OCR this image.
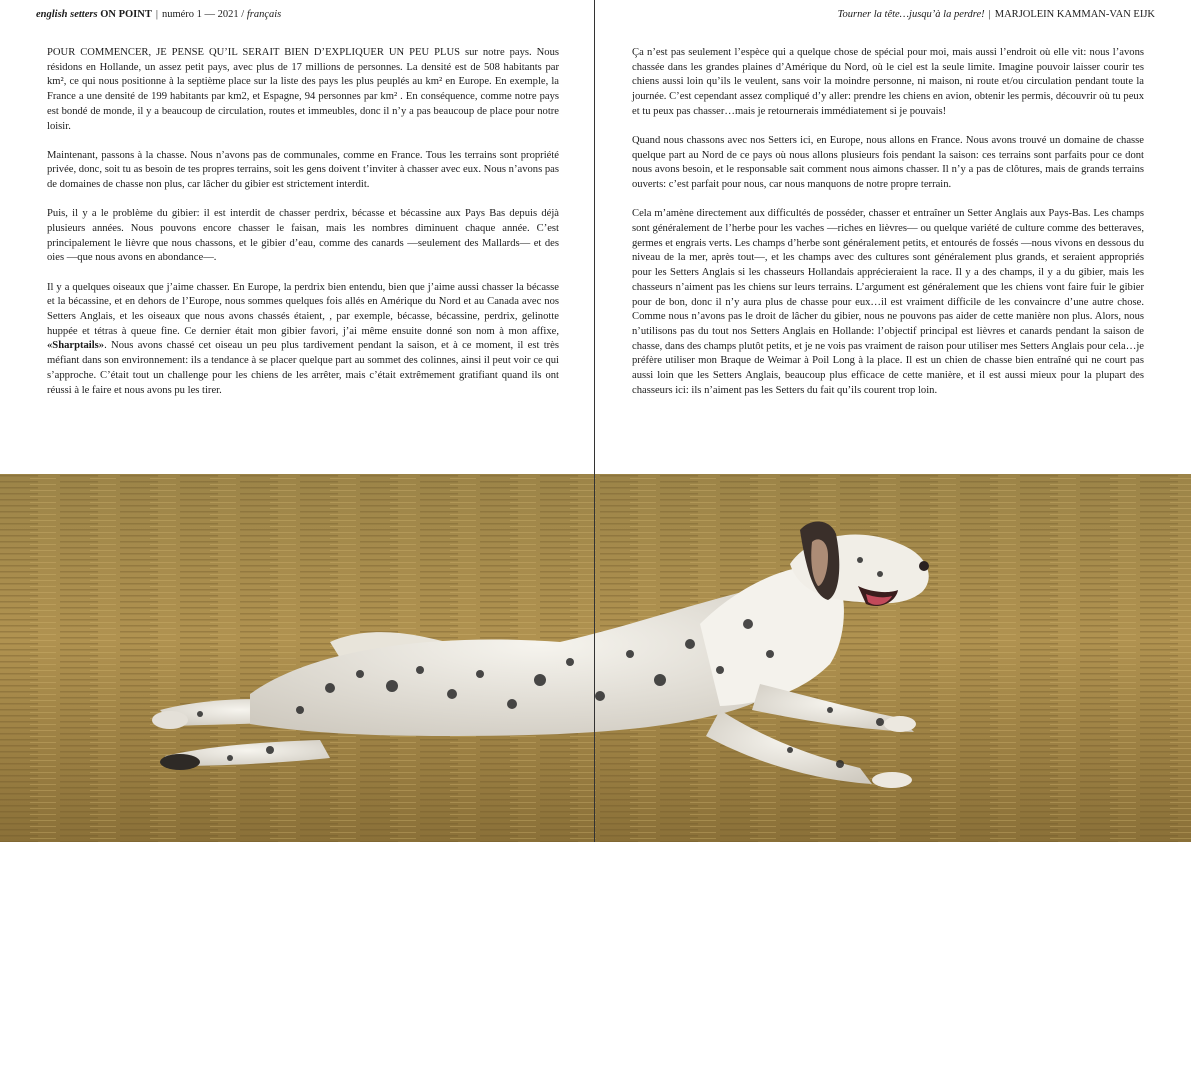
english setters ON POINT | numéro 1 — 2021 / français

POUR COMMENCER, JE PENSE QU’IL SERAIT BIEN D’EXPLIQUER UN PEU PLUS sur notre pays. Nous résidons en Hollande, un assez petit pays, avec plus de 17 millions de personnes. La densité est de 508 habitants par km², ce qui nous positionne à la septième place sur la liste des pays les plus peuplés au km² en Europe. En exemple, la France a une densité de 199 habitants par km2, et Espagne, 94 personnes par km² . En conséquence, comme notre pays est bondé de monde, il y a beaucoup de circulation, routes et immeubles, donc il n’y a pas beaucoup de place pour notre loisir.

Maintenant, passons à la chasse. Nous n’avons pas de communales, comme en France. Tous les terrains sont propriété privée, donc, soit tu as besoin de tes propres terrains, soit les gens doivent t’inviter à chasser avec eux. Nous n’avons pas de domaines de chasse non plus, car lâcher du gibier est strictement interdit.

Puis, il y a le problème du gibier: il est interdit de chasser perdrix, bécasse et bécassine aux Pays Bas depuis déjà plusieurs années. Nous pouvons encore chasser le faisan, mais les nombres diminuent chaque année. C’est principalement le lièvre que nous chassons, et le gibier d’eau, comme des canards —seulement des Mallards— et des oies —que nous avons en abondance—.

Il y a quelques oiseaux que j’aime chasser. En Europe, la perdrix bien entendu, bien que j’aime aussi chasser la bécasse et la bécassine, et en dehors de l’Europe, nous sommes quelques fois allés en Amérique du Nord et au Canada avec nos Setters Anglais, et les oiseaux que nous avons chassés étaient, , par exemple, bécasse, bécassine, perdrix, gelinotte huppée et tétras à queue fine. Ce dernier était mon gibier favori, j’ai même ensuite donné son nom à mon affixe, «Sharptails». Nous avons chassé cet oiseau un peu plus tardivement pendant la saison, et à ce moment, il est très méfiant dans son environnement: ils a tendance à se placer quelque part au sommet des colinnes, ainsi il peut voir ce qui s’approche. C’était tout un challenge pour les chiens de les arrêter, mais c’était extrêmement gratifiant quand ils ont réussi à le faire et nous avons pu les tirer.

Tourner la tête…jusqu’à la perdre! | MARJOLEIN KAMMAN-VAN EIJK

Ça n’est pas seulement l’espèce qui a quelque chose de spécial pour moi, mais aussi l’endroit où elle vit: nous l’avons chassée dans les grandes plaines d’Amérique du Nord, où le ciel est la seule limite. Imagine pouvoir laisser courir tes chiens aussi loin qu’ils le veulent, sans voir la moindre personne, ni maison, ni route et/ou circulation pendant toute la journée. C’est cependant assez compliqué d’y aller: prendre les chiens en avion, obtenir les permis, découvrir où tu peux et tu peux pas chasser…mais je retournerais immédiatement si je pouvais!

Quand nous chassons avec nos Setters ici, en Europe, nous allons en France. Nous avons trouvé un domaine de chasse quelque part au Nord de ce pays où nous allons plusieurs fois pendant la saison: ces terrains sont parfaits pour ce dont nous avons besoin, et le responsable sait comment nous aimons chasser. Il n’y a pas de clôtures, mais de grands terrains ouverts: c’est parfait pour nous, car nous manquons de notre propre terrain.

Cela m’amène directement aux difficultés de posséder, chasser et entraîner un Setter Anglais aux Pays-Bas. Les champs sont généralement de l’herbe pour les vaches —riches en lièvres— ou quelque variété de culture comme des betteraves, germes et engrais verts. Les champs d’herbe sont généralement petits, et entourés de fossés —nous vivons en dessous du niveau de la mer, après tout—, et les champs avec des cultures sont généralement plus grands, et seraient appropriés pour les Setters Anglais si les chasseurs Hollandais apprécieraient la race. Il y a des champs, il y a du gibier, mais les chasseurs n’aiment pas les chiens sur leurs terrains. L’argument est généralement que les chiens vont faire fuir le gibier pour de bon, donc il n’y aura plus de chasse pour eux…il est vraiment difficile de les convaincre d’une autre chose. Comme nous n’avons pas le droit de lâcher du gibier, nous ne pouvons pas aider de cette manière non plus. Alors, nous n’utilisons pas du tout nos Setters Anglais en Hollande: l’objectif principal est lièvres et canards pendant la saison de chasse, dans des champs plutôt petits, et je ne vois pas vraiment de raison pour utiliser mes Setters Anglais pour cela…je préfère utiliser mon Braque de Weimar à Poil Long à la place. Il est un chien de chasse bien entraîné qui ne court pas aussi loin que les Setters Anglais, beaucoup plus efficace de cette manière, et il est aussi mieux pour la plupart des chasseurs ici: ils n’aiment pas les Setters du fait qu’ils courent trop loin.

Sharptails Crush Eleveuse et propriétaire Marjolein Kamman-Van Eijk
